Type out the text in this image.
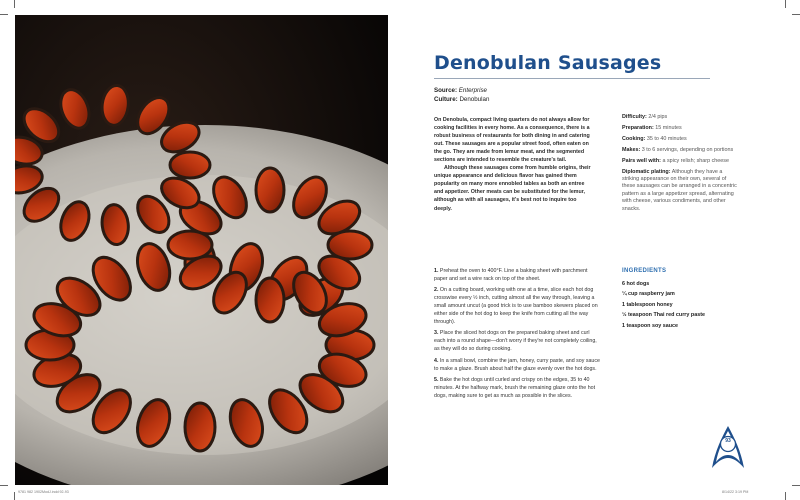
Denobulan Sausages
Source: Enterprise
Culture: Denobulan

On Denobula, compact living quarters do not always allow for cooking facilities in every home. As a consequence, there is a robust business of restaurants for both dining in and catering out. These sausages are a popular street food, often eaten on the go. They are made from lemur meat, and the segmented sections are intended to resemble the creature's tail.

Although these sausages come from humble origins, their unique appearance and delicious flavor has gained them popularity on many more ennobled tables as both an entree and appetizer. Other meats can be substituted for the lemur, although as with all sausages, it's best not to inquire too deeply.

Difficulty: 2/4 pips
Preparation: 15 minutes
Cooking: 35 to 40 minutes
Makes: 3 to 6 servings, depending on portions
Pairs well with: a spicy relish; sharp cheese
Diplomatic plating: Although they have a striking appearance on their own, several of these sausages can be arranged in a concentric pattern as a large appetizer spread, alternating with cheese, various condiments, and other snacks.
1. Preheat the oven to 400°F. Line a baking sheet with parchment paper and set a wire rack on top of the sheet.
2. On a cutting board, working with one at a time, slice each hot dog crosswise every ½ inch, cutting almost all the way through, leaving a small amount uncut (a good trick is to use bamboo skewers placed on either side of the hot dog to keep the knife from cutting all the way through).
3. Place the sliced hot dogs on the prepared baking sheet and curl each into a round shape—don't worry if they're not completely coiling, as they will do so during cooking.
4. In a small bowl, combine the jam, honey, curry paste, and soy sauce to make a glaze. Brush about half the glaze evenly over the hot dogs.
5. Bake the hot dogs until curled and crispy on the edges, 35 to 40 minutes. At the halfway mark, brush the remaining glaze onto the hot dogs, making sure to get as much as possible in the slices.
INGREDIENTS
6 hot dogs
¼ cup raspberry jam
1 tablespoon honey
½ teaspoon Thai red curry paste
1 teaspoon soy sauce
93
9781 982 1902ModJ.indd 92-93	8/14/22 3:19 PM
